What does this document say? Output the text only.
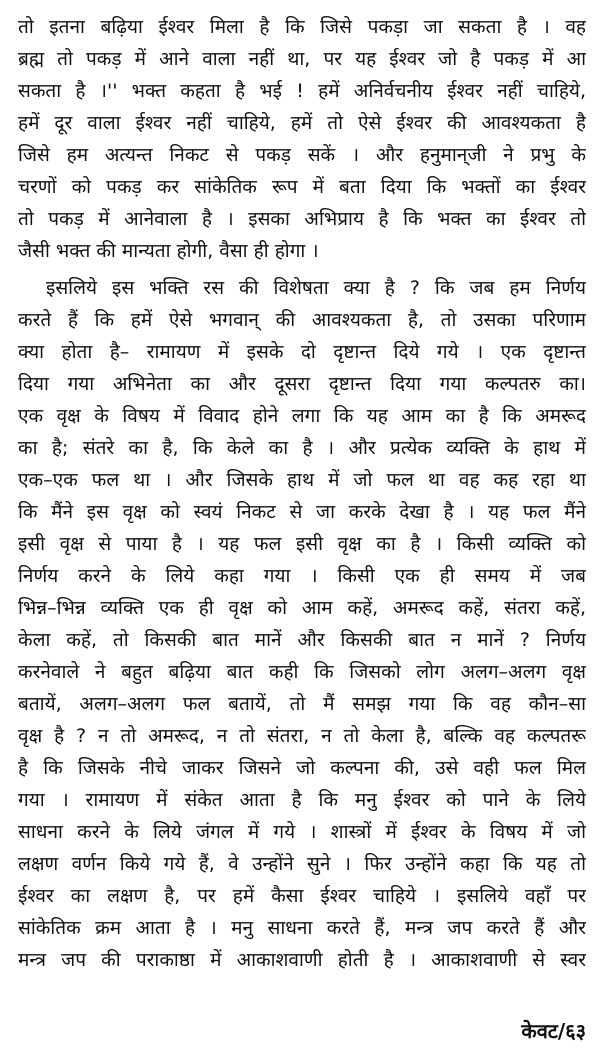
तो इतना बढ़िया ईश्वर मिला है कि जिसे पकड़ा जा सकता है । वह
ब्रह्म तो पकड़ में आने वाला नहीं था, पर यह ईश्वर जो है पकड़ में आ
सकता है ।'' भक्त कहता है भई ! हमें अनिर्वचनीय ईश्वर नहीं चाहिये,
हमें दूर वाला ईश्वर नहीं चाहिये, हमें तो ऐसे ईश्वर की आवश्यकता है
जिसे हम अत्यन्त निकट से पकड़ सकें । और हनुमान्‌जी ने प्रभु के
चरणों को पकड़ कर सांकेतिक रूप में बता दिया कि भक्तों का ईश्वर
तो पकड़ में आनेवाला है । इसका अभिप्राय है कि भक्त का ईश्वर तो
जैसी भक्त की मान्यता होगी, वैसा ही होगा ।
इसलिये इस भक्ति रस की विशेषता क्या है ? कि जब हम निर्णय
करते हैं कि हमें ऐसे भगवान् की आवश्यकता है, तो उसका परिणाम
क्या होता है– रामायण में इसके दो दृष्टान्त दिये गये । एक दृष्टान्त
दिया गया अभिनेता का और दूसरा दृष्टान्त दिया गया कल्पतरु का।
एक वृक्ष के विषय में विवाद होने लगा कि यह आम का है कि अमरूद
का है; संतरे का है, कि केले का है । और प्रत्येक व्यक्ति के हाथ में
एक–एक फल था । और जिसके हाथ में जो फल था वह कह रहा था
कि मैंने इस वृक्ष को स्वयं निकट से जा करके देखा है । यह फल मैंने
इसी वृक्ष से पाया है । यह फल इसी वृक्ष का है । किसी व्यक्ति को
निर्णय करने के लिये कहा गया । किसी एक ही समय में जब
भिन्न–भिन्न व्यक्ति एक ही वृक्ष को आम कहें, अमरूद कहें, संतरा कहें,
केला कहें, तो किसकी बात मानें और किसकी बात न मानें ? निर्णय
करनेवाले ने बहुत बढ़िया बात कही कि जिसको लोग अलग–अलग वृक्ष
बतायें, अलग–अलग फल बतायें, तो मैं समझ गया कि वह कौन–सा
वृक्ष है ? न तो अमरूद, न तो संतरा, न तो केला है, बल्कि वह कल्पतरू
है कि जिसके नीचे जाकर जिसने जो कल्पना की, उसे वही फल मिल
गया । रामायण में संकेत आता है कि मनु ईश्वर को पाने के लिये
साधना करने के लिये जंगल में गये । शास्त्रों में ईश्वर के विषय में जो
लक्षण वर्णन किये गये हैं, वे उन्होंने सुने । फिर उन्होंने कहा कि यह तो
ईश्वर का लक्षण है, पर हमें कैसा ईश्वर चाहिये । इसलिये वहाँ पर
सांकेतिक क्रम आता है । मनु साधना करते हैं, मन्त्र जप करते हैं और
मन्त्र जप की पराकाष्ठा में आकाशवाणी होती है । आकाशवाणी से स्वर
केवट/६३
